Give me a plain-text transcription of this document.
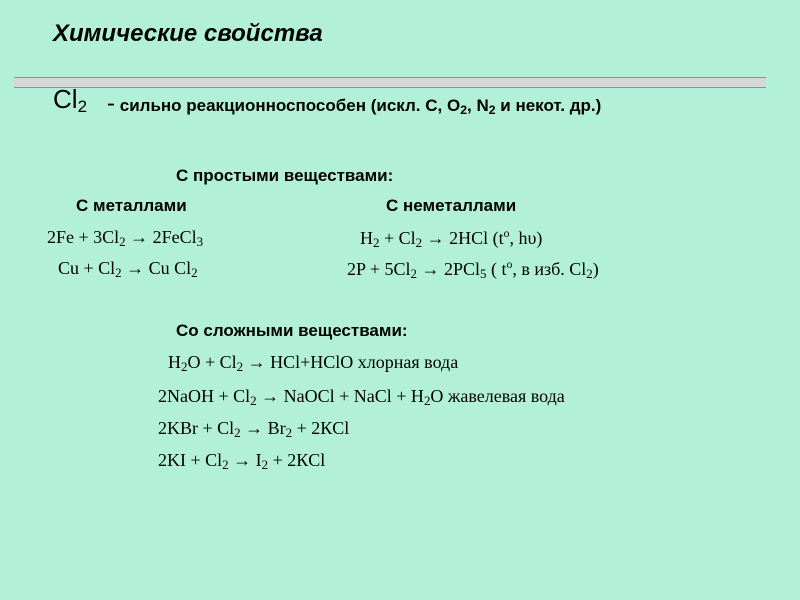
Химические свойства
$Cl_2$ - сильно реакционноспособен (искл. С, $О_2$, $N_2$ и некот. др.)
С простыми веществами:
С металлами	С неметаллами
$2Fe + 3Cl_2$ → 2FeCl$_3$
$Cu + Cl_2 \to Cu$ $Cl_2$
$H_2 + Cl_2 \to 2HCl$ ($t^о$, hυ)
$2P + 5Cl_2 \to 2PCl_5$ ( $t^о$, в изб. $Cl_2$)
Со сложными веществами:
$H_2O + Cl_2$ → HCl+HClO хлорная вода
2NaOH + $Cl_2$ → NaOCl + NaCl + $H_2O$ жавелевая вода
$2KBr + Cl_2 \to Br_2 + 2КCl$
$2KI + Cl_2 \to I_2 + 2КCl$
